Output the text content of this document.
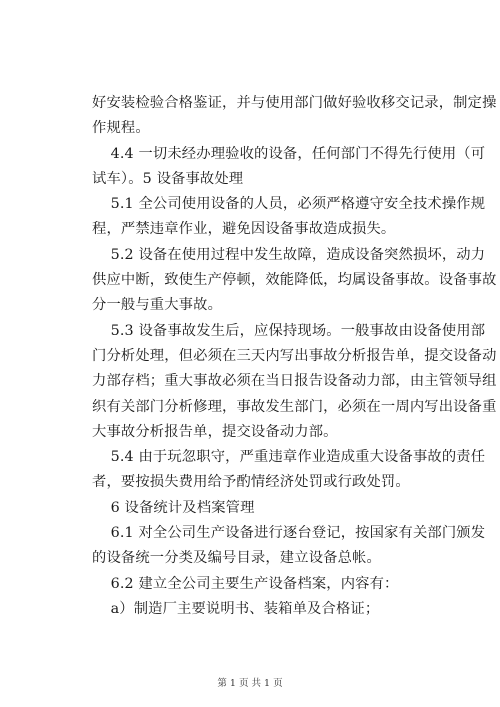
好安装检验合格鉴证，并与使用部门做好验收移交记录，制定操
作规程。

4.4 一切未经办理验收的设备，任何部门不得先行使用（可
试车）。5 设备事故处理

5.1 全公司使用设备的人员，必须严格遵守安全技术操作规
程，严禁违章作业，避免因设备事故造成损失。

5.2 设备在使用过程中发生故障，造成设备突然损坏，动力
供应中断，致使生产停顿，效能降低，均属设备事故。设备事故
分一般与重大事故。

5.3 设备事故发生后，应保持现场。一般事故由设备使用部
门分析处理，但必须在三天内写出事故分析报告单，提交设备动
力部存档；重大事故必须在当日报告设备动力部，由主管领导组
织有关部门分析修理，事故发生部门，必须在一周内写出设备重
大事故分析报告单，提交设备动力部。

5.4 由于玩忽职守，严重违章作业造成重大设备事故的责任
者，要按损失费用给予酌情经济处罚或行政处罚。

6 设备统计及档案管理

6.1 对全公司生产设备进行逐台登记，按国家有关部门颁发
的设备统一分类及编号目录，建立设备总帐。

6.2 建立全公司主要生产设备档案，内容有：

a）制造厂主要说明书、装箱单及合格证；

第 1 页 共 1 页
